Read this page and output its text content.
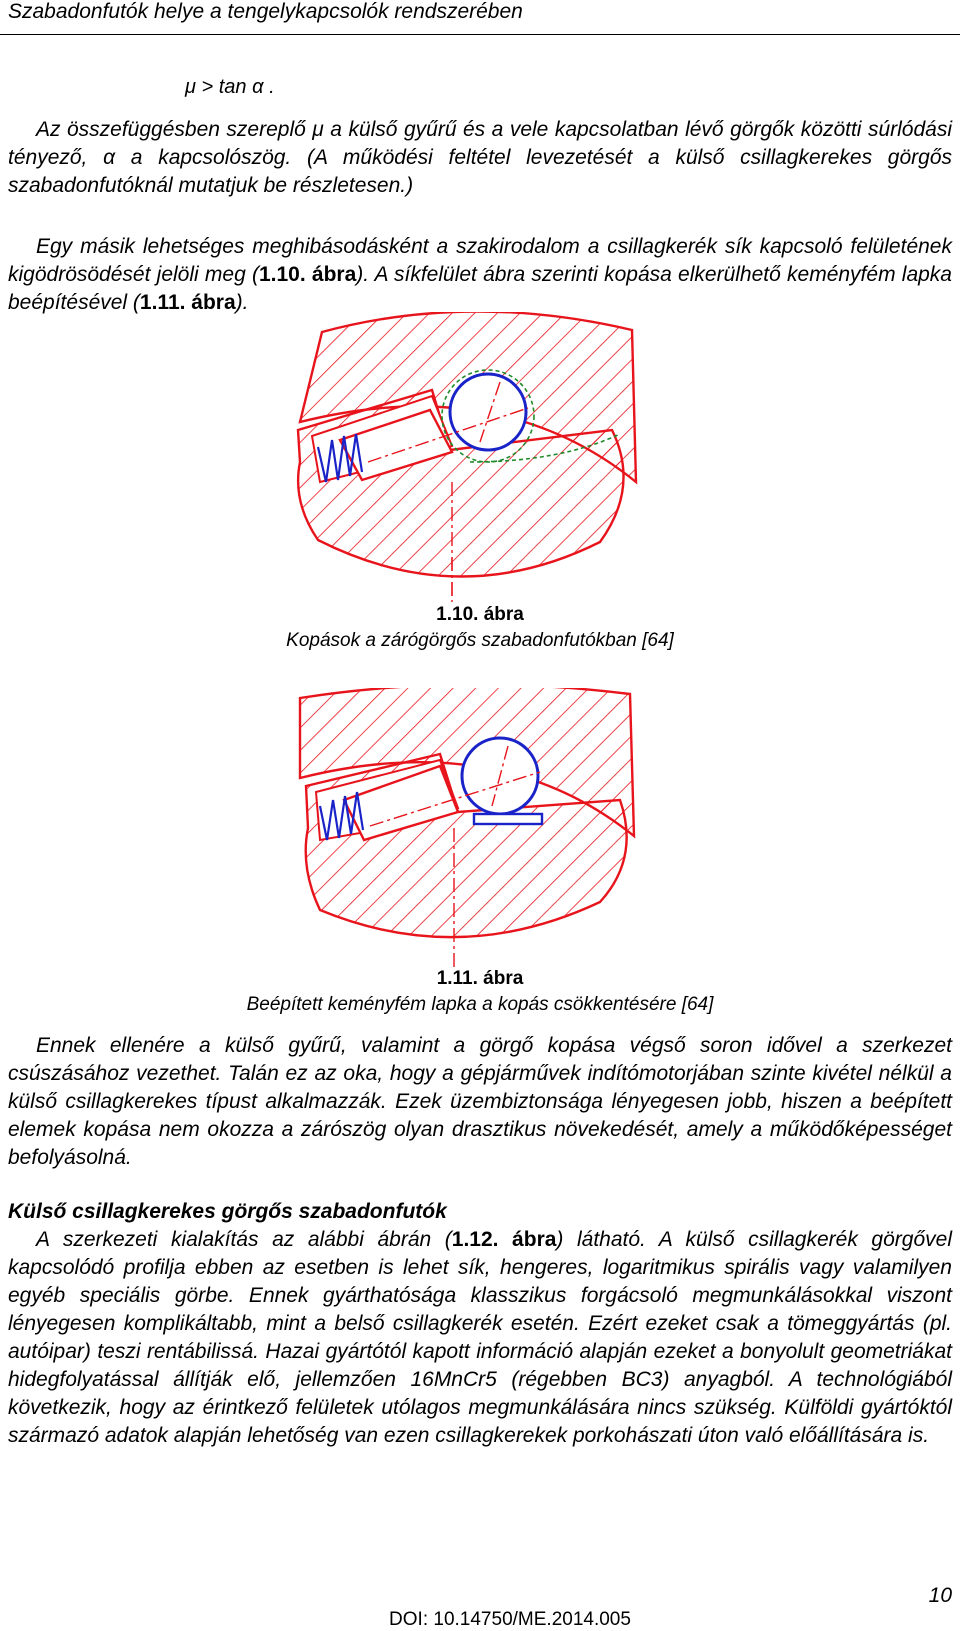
Szabadonfutók helye a tengelykapcsolók rendszerében
μ > tan α .
Az összefüggésben szereplő μ a külső gyűrű és a vele kapcsolatban lévő görgők közötti súrlódási tényező, α a kapcsolószög. (A működési feltétel levezetését a külső csillagkerekes görgős szabadonfutóknál mutatjuk be részletesen.)
Egy másik lehetséges meghibásodásként a szakirodalom a csillagkerék sík kapcsoló felületének kigödrösödését jelöli meg (1.10. ábra). A síkfelület ábra szerinti kopása elkerülhető keményfém lapka beépítésével (1.11. ábra).
1.10. ábra
Kopások a záróg​örgős szabadonfutókban [64]
1.11. ábra
Beépített keményfém lapka a kopás csökkentésére [64]
Ennek ellenére a külső gyűrű, valamint a görgő kopása végső soron idővel a szerkezet csúszásához vezethet. Talán ez az oka, hogy a gépjárművek indítómotorjában szinte kivétel nélkül a külső csillagkerekes típust alkalmazzák. Ezek üzembiztonsága lényegesen jobb, hiszen a beépített elemek kopása nem okozza a zárószög olyan drasztikus növekedését, amely a működőképességet befolyásolná.
Külső csillagkerekes görgős szabadonfutók
A szerkezeti kialakítás az alábbi ábrán (1.12. ábra) látható. A külső csillagkerék görgővel kapcsolódó profilja ebben az esetben is lehet sík, hengeres, logaritmikus spirális vagy valamilyen egyéb speciális görbe. Ennek gyárthatósága klasszikus forgácsoló megmunkálásokkal viszont lényegesen komplikáltabb, mint a belső csillagkerék esetén. Ezért ezeket csak a tömeggyártás (pl. autóipar) teszi rentábilissá. Hazai gyártótól kapott információ alapján ezeket a bonyolult geometriákat hidegfolyatással állítják elő, jellemzően 16MnCr5 (régebben BC3) anyagból. A technológiából következik, hogy az érintkező felületek utólagos megmunkálására nincs szükség. Külföldi gyártóktól származó adatok alapján lehetőség van ezen csillagkerekek porkohászati úton való előállítására is.
10
DOI: 10.14750/ME.2014.005
